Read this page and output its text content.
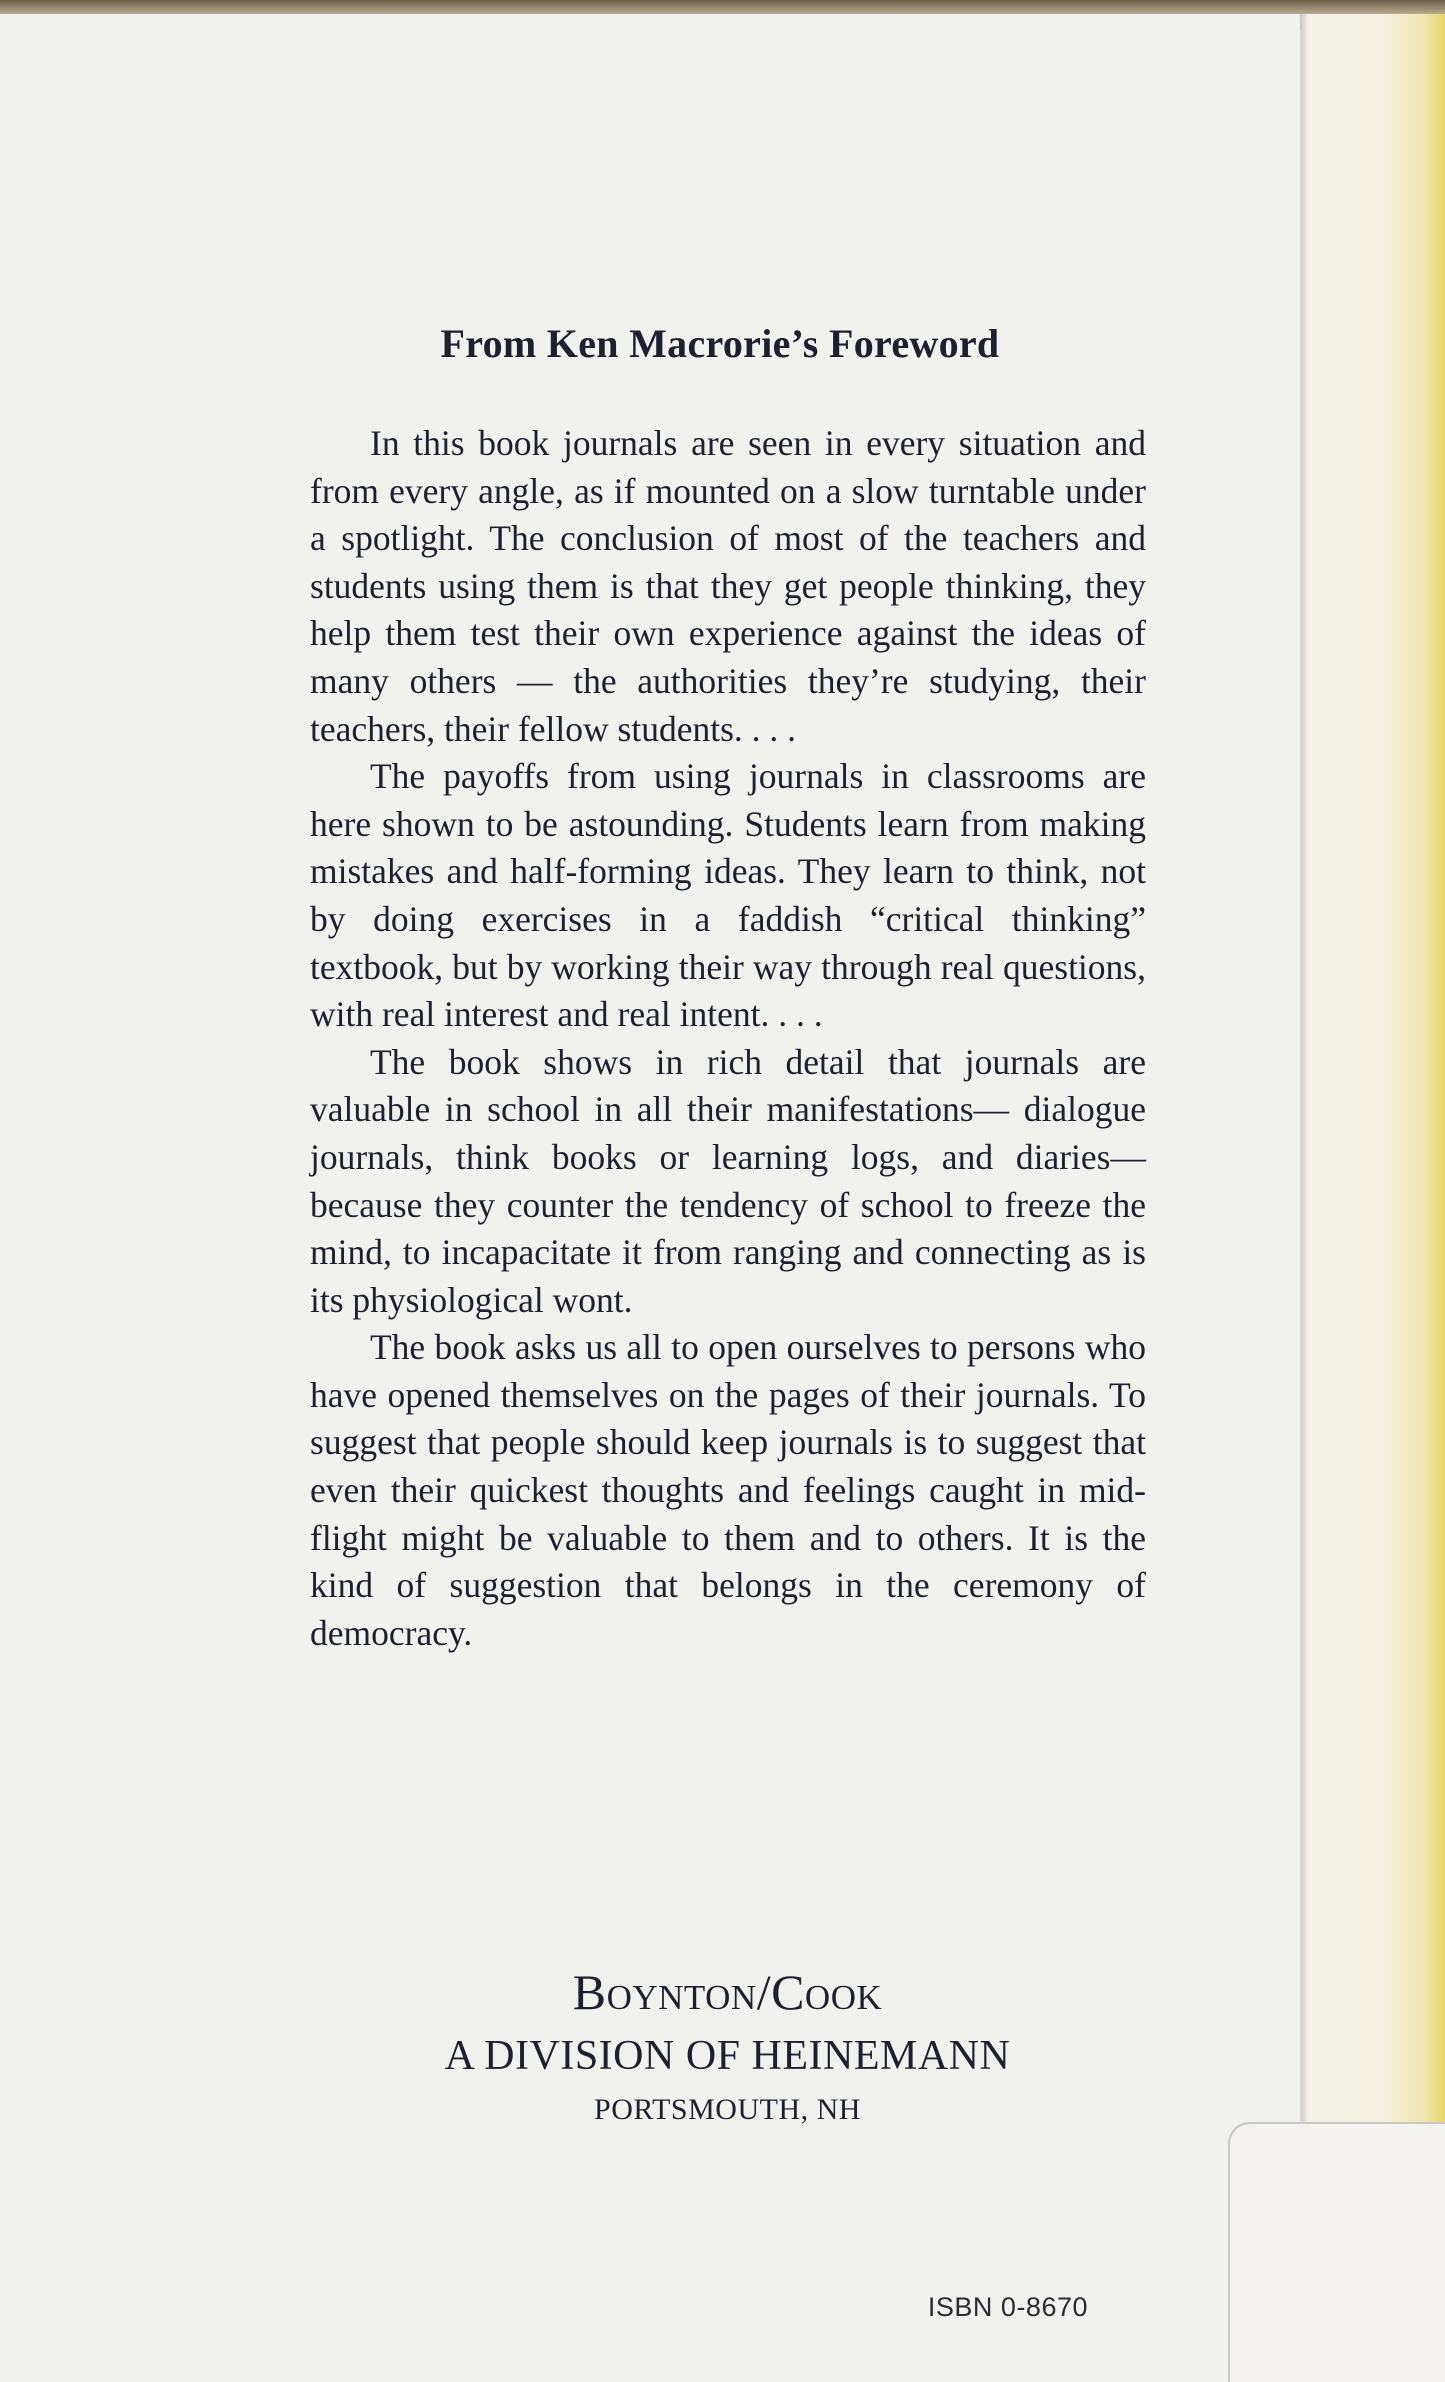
From Ken Macrorie’s Foreword

In this book journals are seen in every situation and from every angle, as if mounted on a slow turntable under a spotlight. The conclusion of most of the teachers and students using them is that they get people thinking, they help them test their own experience against the ideas of many others — the authorities they’re studying, their teachers, their fellow students. . . .

The payoffs from using journals in classrooms are here shown to be astounding. Students learn from making mistakes and half-forming ideas. They learn to think, not by doing exercises in a faddish “critical thinking” textbook, but by working their way through real questions, with real interest and real intent. . . .

The book shows in rich detail that journals are valuable in school in all their manifestations— dialogue journals, think books or learning logs, and diaries—because they counter the tendency of school to freeze the mind, to incapacitate it from ranging and connecting as is its physiological wont.

The book asks us all to open ourselves to persons who have opened themselves on the pages of their journals. To suggest that people should keep journals is to suggest that even their quickest thoughts and feelings caught in mid-flight might be valuable to them and to others. It is the kind of suggestion that belongs in the ceremony of democracy.

Boynton/Cook

A DIVISION OF HEINEMANN

PORTSMOUTH, NH

ISBN 0-8670
